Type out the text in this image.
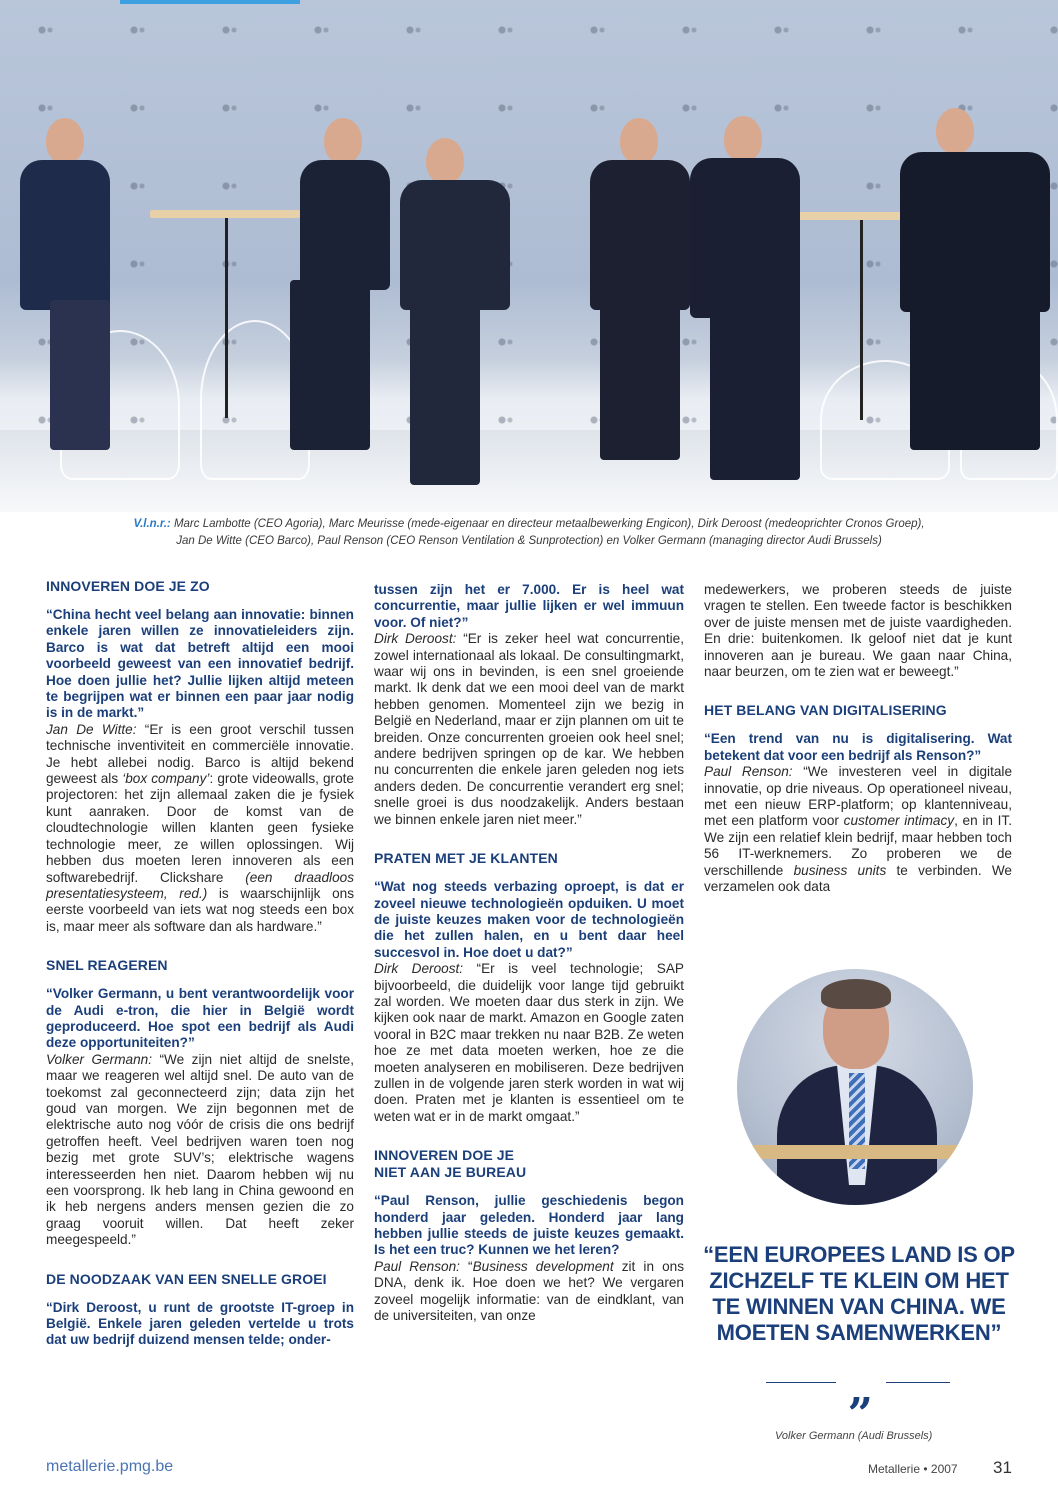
V.l.n.r.: Marc Lambotte (CEO Agoria), Marc Meurisse (mede-eigenaar en directeur metaalbewerking Engicon), Dirk Deroost (medeoprichter Cronos Groep),
Jan De Witte (CEO Barco), Paul Renson (CEO Renson Ventilation & Sunprotection) en Volker Germann (managing director Audi Brussels)
INNOVEREN DOE JE ZO

“China hecht veel belang aan innovatie: binnen enkele jaren willen ze innovatieleiders zijn. Barco is wat dat betreft altijd een mooi voorbeeld geweest van een innovatief bedrijf. Hoe doen jullie het? Jullie lijken altijd meteen te begrijpen wat er binnen een paar jaar nodig is in de markt.”
Jan De Witte: “Er is een groot verschil tussen technische inventiviteit en commerciële innovatie. Je hebt allebei nodig. Barco is altijd bekend geweest als ‘box company’: grote videowalls, grote projectoren: het zijn allemaal zaken die je fysiek kunt aanraken. Door de komst van de cloudtechnologie willen klanten geen fysieke technologie meer, ze willen oplossingen. Wij hebben dus moeten leren innoveren als een softwarebedrijf. Clickshare (een draadloos presentatiesysteem, red.) is waarschijnlijk ons eerste voorbeeld van iets wat nog steeds een box is, maar meer als software dan als hardware.”

SNEL REAGEREN

“Volker Germann, u bent verantwoordelijk voor de Audi e-tron, die hier in België wordt geproduceerd. Hoe spot een bedrijf als Audi deze opportuniteiten?”
Volker Germann: “We zijn niet altijd de snelste, maar we reageren wel altijd snel. De auto van de toekomst zal geconnecteerd zijn; data zijn het goud van morgen. We zijn begonnen met de elektrische auto nog vóór de crisis die ons bedrijf getroffen heeft. Veel bedrijven waren toen nog bezig met grote SUV’s; elektrische wagens interesseerden hen niet. Daarom hebben wij nu een voorsprong. Ik heb lang in China gewoond en ik heb nergens anders mensen gezien die zo graag vooruit willen. Dat heeft zeker meegespeeld.”

DE NOODZAAK VAN EEN SNELLE GROEI

“Dirk Deroost, u runt de grootste IT-groep in België. Enkele jaren geleden vertelde u trots dat uw bedrijf duizend mensen telde; onder-

tussen zijn het er 7.000. Er is heel wat concurrentie, maar jullie lijken er wel immuun voor. Of niet?”
Dirk Deroost: “Er is zeker heel wat concurrentie, zowel internationaal als lokaal. De consultingmarkt, waar wij ons in bevinden, is een snel groeiende markt. Ik denk dat we een mooi deel van de markt hebben genomen. Momenteel zijn we bezig in België en Nederland, maar er zijn plannen om uit te breiden. Onze concurrenten groeien ook heel snel; andere bedrijven springen op de kar. We hebben nu concurrenten die enkele jaren geleden nog iets anders deden. De concurrentie verandert erg snel; snelle groei is dus noodzakelijk. Anders bestaan we binnen enkele jaren niet meer.”

PRATEN MET JE KLANTEN

“Wat nog steeds verbazing oproept, is dat er zoveel nieuwe technologieën opduiken. U moet de juiste keuzes maken voor de technologieën die het zullen halen, en u bent daar heel succesvol in. Hoe doet u dat?”
Dirk Deroost: “Er is veel technologie; SAP bijvoorbeeld, die duidelijk voor lange tijd gebruikt zal worden. We moeten daar dus sterk in zijn. We kijken ook naar de markt. Amazon en Google zaten vooral in B2C maar trekken nu naar B2B. Ze weten hoe ze met data moeten werken, hoe ze die moeten analyseren en mobiliseren. Deze bedrijven zullen in de volgende jaren sterk worden in wat wij doen. Praten met je klanten is essentieel om te weten wat er in de markt omgaat.”

INNOVEREN DOE JE
NIET AAN JE BUREAU

“Paul Renson, jullie geschiedenis begon honderd jaar geleden. Honderd jaar lang hebben jullie steeds de juiste keuzes gemaakt. Is het een truc? Kunnen we het leren?
Paul Renson: “Business development zit in ons DNA, denk ik. Hoe doen we het? We vergaren zoveel mogelijk informatie: van de eindklant, van de universiteiten, van onze

medewerkers, we proberen steeds de juiste vragen te stellen. Een tweede factor is beschikken over de juiste mensen met de juiste vaardigheden. En drie: buitenkomen. Ik geloof niet dat je kunt innoveren aan je bureau. We gaan naar China, naar beurzen, om te zien wat er beweegt.”

HET BELANG VAN DIGITALISERING

“Een trend van nu is digitalisering. Wat betekent dat voor een bedrijf als Renson?”
Paul Renson: “We investeren veel in digitale innovatie, op drie niveaus. Op operationeel niveau, met een nieuw ERP-platform; op klantenniveau, met een platform voor customer intimacy, en in IT. We zijn een relatief klein bedrijf, maar hebben toch 56 IT-werknemers. Zo proberen we de verschillende business units te verbinden. We verzamelen ook data

“EEN EUROPEES LAND IS OP ZICHZELF TE KLEIN OM HET TE WINNEN VAN CHINA. WE MOETEN SAMENWERKEN”
„
Volker Germann (Audi Brussels)
metallerie.pmg.be	Metallerie • 2007 31
